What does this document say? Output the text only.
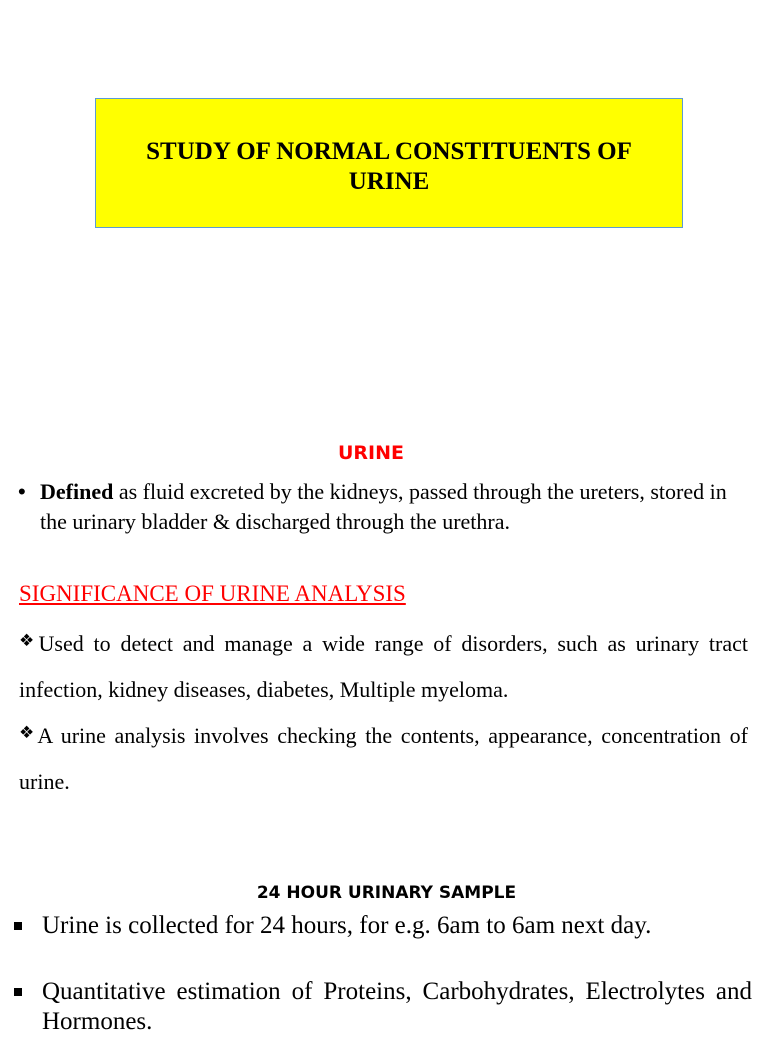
STUDY OF NORMAL CONSTITUENTS OF
URINE
URINE
• Defined as fluid excreted by the kidneys, passed through the ureters, stored in the urinary bladder & discharged through the urethra.
SIGNIFICANCE OF URINE ANALYSIS
❖Used to detect and manage a wide range of disorders, such as urinary tract infection, kidney diseases, diabetes, Multiple myeloma.
❖A urine analysis involves checking the contents, appearance, concentration of urine.
24 HOUR URINARY SAMPLE
Urine is collected for 24 hours, for e.g. 6am to 6am next day.
Quantitative estimation of Proteins, Carbohydrates, Electrolytes and Hormones.
